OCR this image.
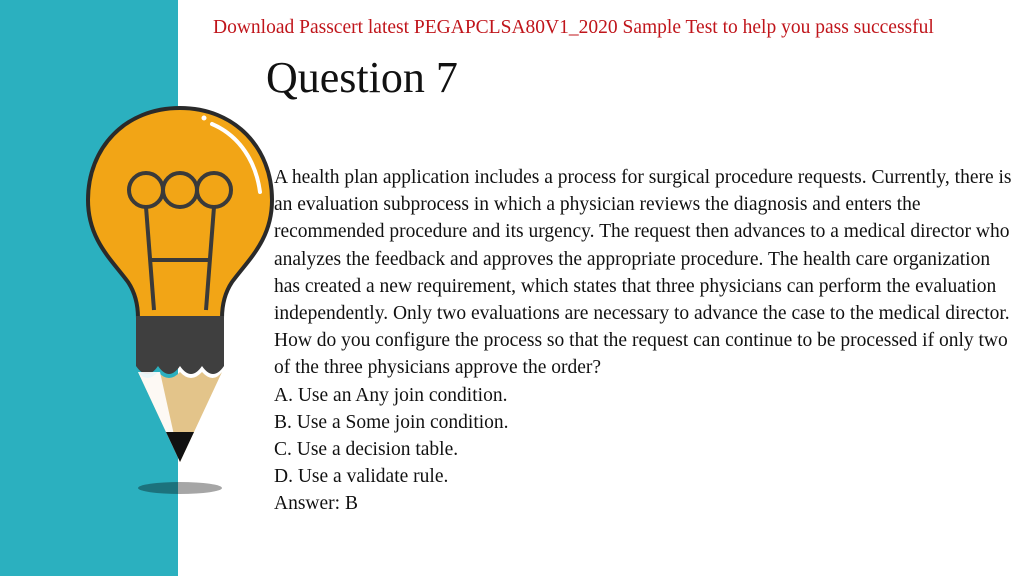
Download Passcert latest PEGAPCLSA80V1_2020 Sample Test to help you pass successful
Question 7

A health plan application includes a process for surgical procedure requests. Currently, there is an evaluation subprocess in which a physician reviews the diagnosis and enters the recommended procedure and its urgency. The request then advances to a medical director who analyzes the feedback and approves the appropriate procedure. The health care organization has created a new requirement, which states that three physicians can perform the evaluation independently. Only two evaluations are necessary to advance the case to the medical director.

How do you configure the process so that the request can continue to be processed if only two of the three physicians approve the order?

A. Use an Any join condition.

B. Use a Some join condition.

C. Use a decision table.

D. Use a validate rule.

Answer: B
